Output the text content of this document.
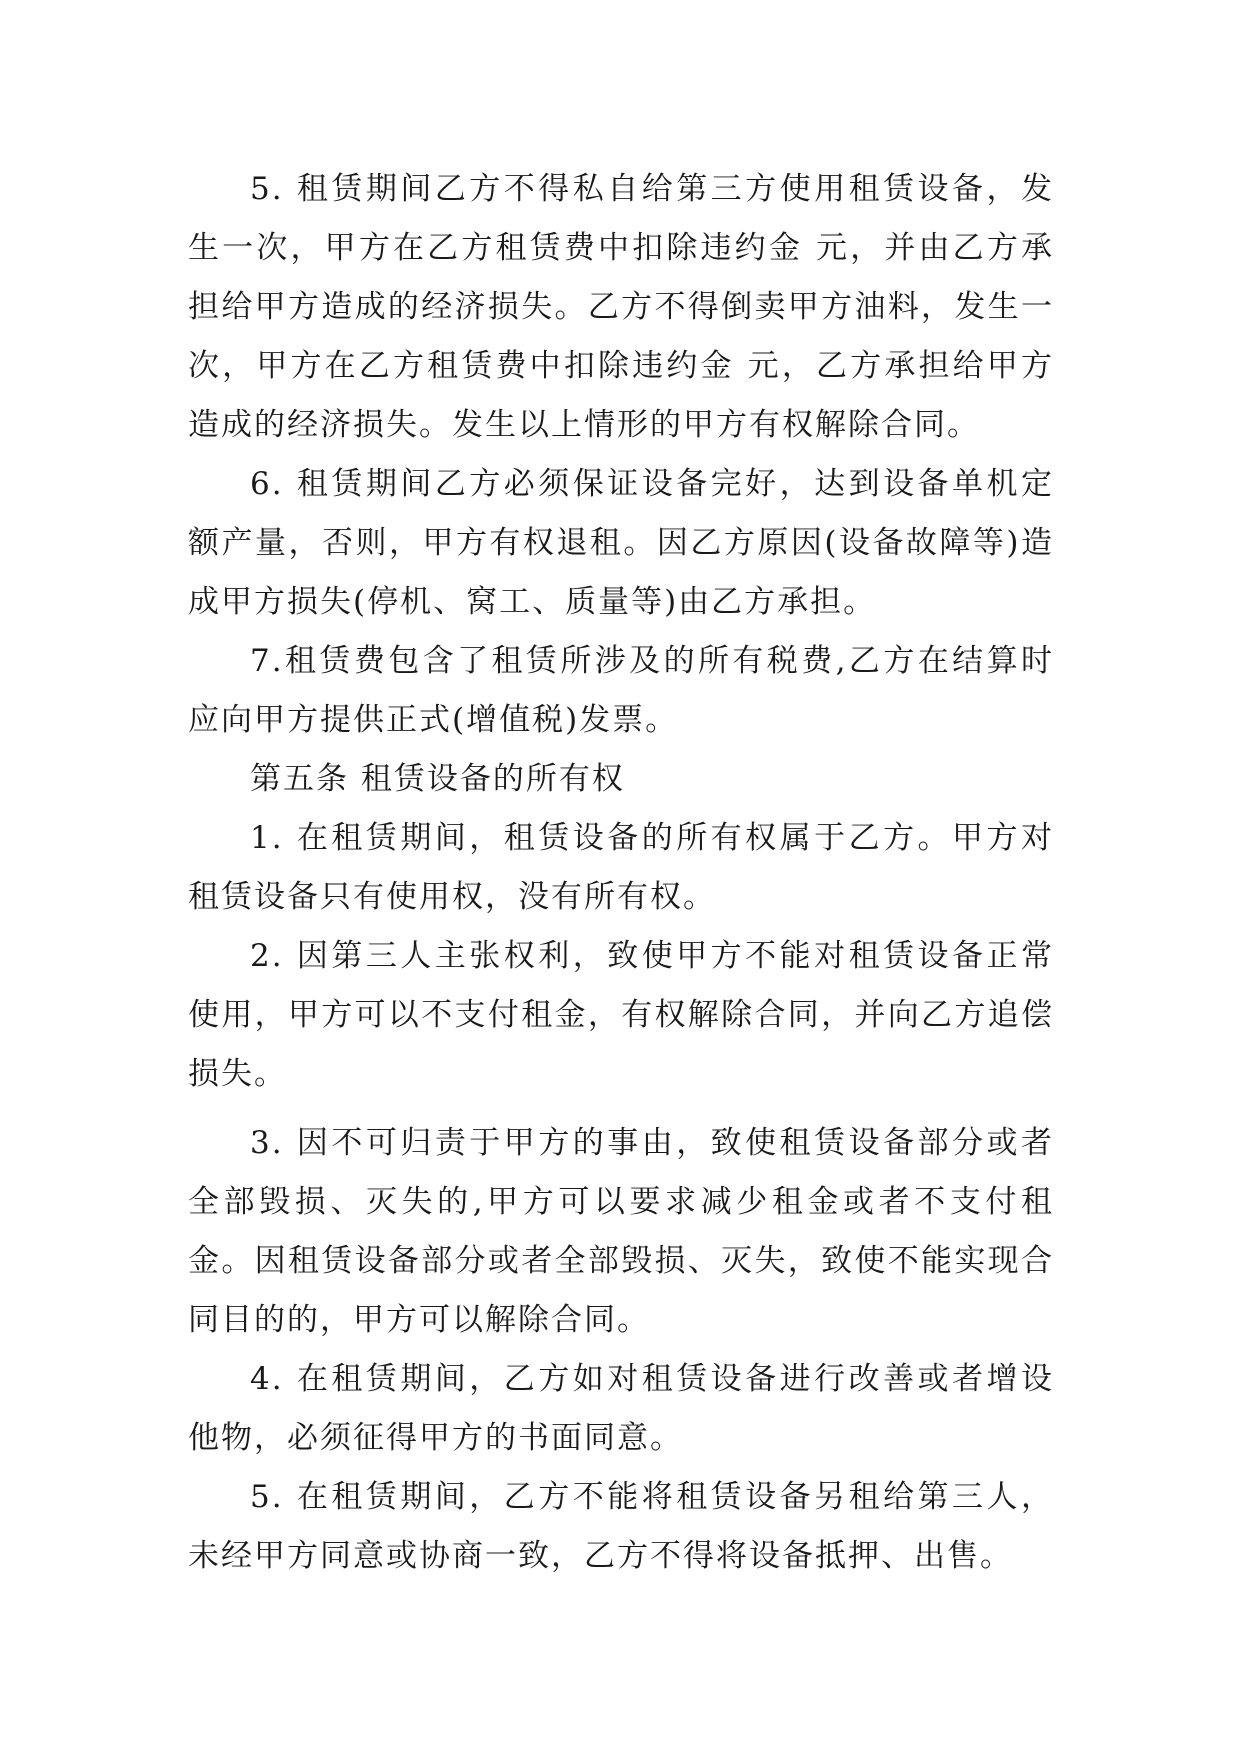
5. 租赁期间乙方不得私自给第三方使用租赁设备，发生一次，甲方在乙方租赁费中扣除违约金 元，并由乙方承担给甲方造成的经济损失。乙方不得倒卖甲方油料，发生一次，甲方在乙方租赁费中扣除违约金 元，乙方承担给甲方造成的经济损失。发生以上情形的甲方有权解除合同。

6. 租赁期间乙方必须保证设备完好，达到设备单机定额产量，否则，甲方有权退租。因乙方原因(设备故障等)造成甲方损失(停机、窝工、质量等)由乙方承担。

7.租赁费包含了租赁所涉及的所有税费,乙方在结算时应向甲方提供正式(增值税)发票。

第五条 租赁设备的所有权

1. 在租赁期间，租赁设备的所有权属于乙方。甲方对租赁设备只有使用权，没有所有权。

2. 因第三人主张权利，致使甲方不能对租赁设备正常使用，甲方可以不支付租金，有权解除合同，并向乙方追偿损失。

3. 因不可归责于甲方的事由，致使租赁设备部分或者全部毁损、灭失的,甲方可以要求减少租金或者不支付租金。因租赁设备部分或者全部毁损、灭失，致使不能实现合同目的的，甲方可以解除合同。

4. 在租赁期间，乙方如对租赁设备进行改善或者增设他物，必须征得甲方的书面同意。

5. 在租赁期间，乙方不能将租赁设备另租给第三人，未经甲方同意或协商一致，乙方不得将设备抵押、出售。
